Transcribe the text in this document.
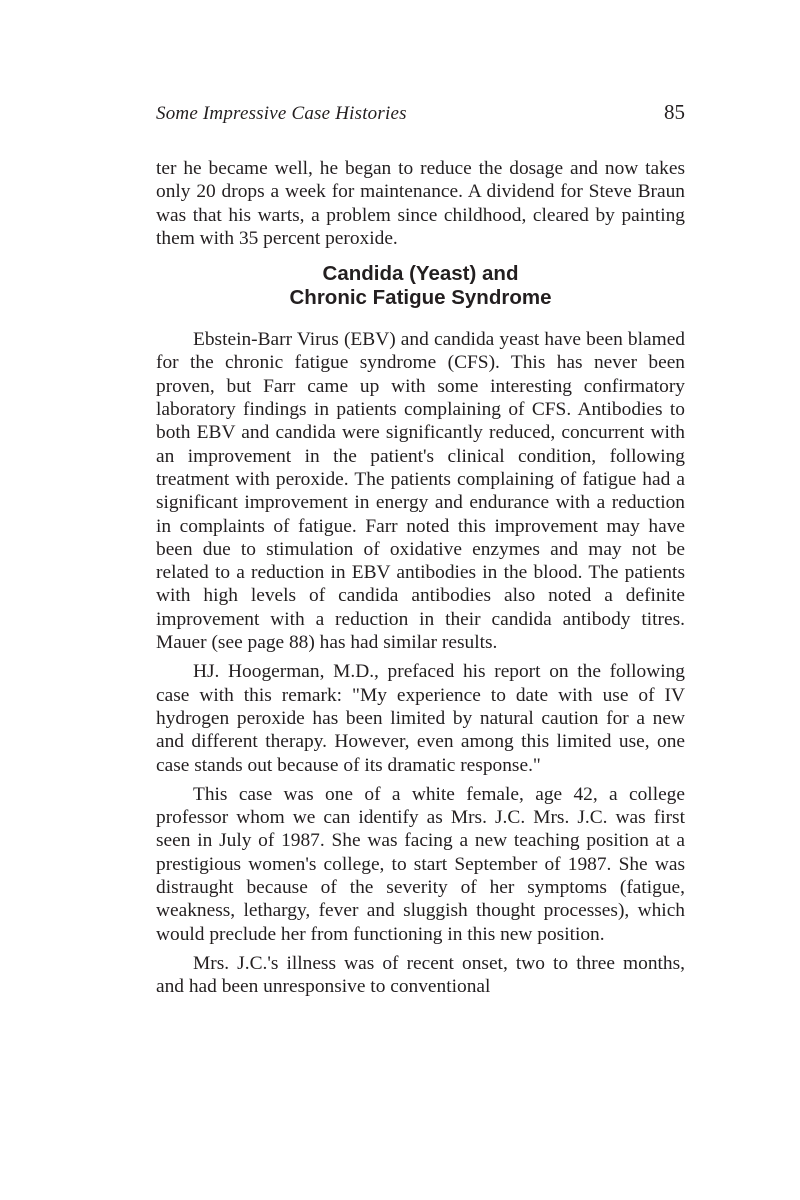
Some Impressive Case Histories	85

ter he became well, he began to reduce the dosage and now takes only 20 drops a week for maintenance. A dividend for Steve Braun was that his warts, a problem since childhood, cleared by painting them with 35 percent peroxide.

Candida (Yeast) and
Chronic Fatigue Syndrome

Ebstein-Barr Virus (EBV) and candida yeast have been blamed for the chronic fatigue syndrome (CFS). This has never been proven, but Farr came up with some interesting confirmatory laboratory findings in patients complaining of CFS. Antibodies to both EBV and candida were significantly reduced, concurrent with an improvement in the patient's clinical condition, following treatment with peroxide. The patients complaining of fatigue had a significant improvement in energy and endurance with a reduction in complaints of fatigue. Farr noted this improvement may have been due to stimulation of oxidative enzymes and may not be related to a reduction in EBV antibodies in the blood. The patients with high levels of candida antibodies also noted a definite improvement with a reduction in their candida antibody titres. Mauer (see page 88) has had similar results.

HJ. Hoogerman, M.D., prefaced his report on the following case with this remark: "My experience to date with use of IV hydrogen peroxide has been limited by natural caution for a new and different therapy. However, even among this limited use, one case stands out because of its dramatic response."

This case was one of a white female, age 42, a college professor whom we can identify as Mrs. J.C. Mrs. J.C. was first seen in July of 1987. She was facing a new teaching position at a prestigious women's college, to start September of 1987. She was distraught because of the severity of her symptoms (fatigue, weakness, lethargy, fever and sluggish thought processes), which would preclude her from functioning in this new position.

Mrs. J.C.'s illness was of recent onset, two to three months, and had been unresponsive to conventional
